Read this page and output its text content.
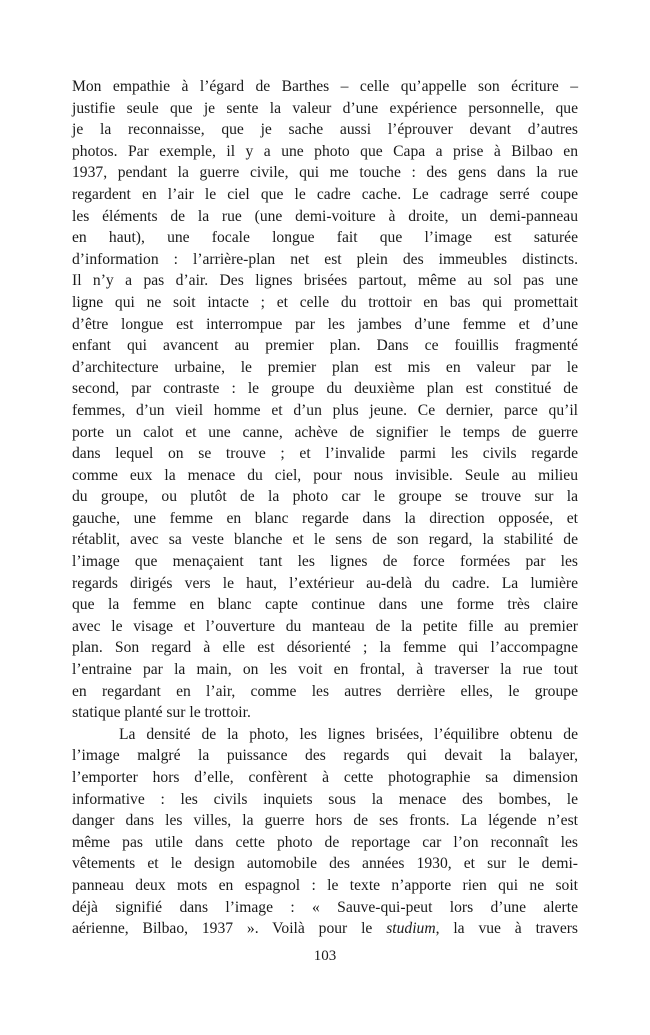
Mon empathie à l’égard de Barthes – celle qu’appelle son écriture –
justifie seule que je sente la valeur d’une expérience personnelle, que
je la reconnaisse, que je sache aussi l’éprouver devant d’autres
photos. Par exemple, il y a une photo que Capa a prise à Bilbao en
1937, pendant la guerre civile, qui me touche : des gens dans la rue
regardent en l’air le ciel que le cadre cache. Le cadrage serré coupe
les éléments de la rue (une demi-voiture à droite, un demi-panneau
en haut), une focale longue fait que l’image est saturée
d’information : l’arrière-plan net est plein des immeubles distincts.
Il n’y a pas d’air. Des lignes brisées partout, même au sol pas une
ligne qui ne soit intacte ; et celle du trottoir en bas qui promettait
d’être longue est interrompue par les jambes d’une femme et d’une
enfant qui avancent au premier plan. Dans ce fouillis fragmenté
d’architecture urbaine, le premier plan est mis en valeur par le
second, par contraste : le groupe du deuxième plan est constitué de
femmes, d’un vieil homme et d’un plus jeune. Ce dernier, parce qu’il
porte un calot et une canne, achève de signifier le temps de guerre
dans lequel on se trouve ; et l’invalide parmi les civils regarde
comme eux la menace du ciel, pour nous invisible. Seule au milieu
du groupe, ou plutôt de la photo car le groupe se trouve sur la
gauche, une femme en blanc regarde dans la direction opposée, et
rétablit, avec sa veste blanche et le sens de son regard, la stabilité de
l’image que menaçaient tant les lignes de force formées par les
regards dirigés vers le haut, l’extérieur au-delà du cadre. La lumière
que la femme en blanc capte continue dans une forme très claire
avec le visage et l’ouverture du manteau de la petite fille au premier
plan. Son regard à elle est désorienté ; la femme qui l’accompagne
l’entraine par la main, on les voit en frontal, à traverser la rue tout
en regardant en l’air, comme les autres derrière elles, le groupe
statique planté sur le trottoir.

La densité de la photo, les lignes brisées, l’équilibre obtenu de
l’image malgré la puissance des regards qui devait la balayer,
l’emporter hors d’elle, confèrent à cette photographie sa dimension
informative : les civils inquiets sous la menace des bombes, le
danger dans les villes, la guerre hors de ses fronts. La légende n’est
même pas utile dans cette photo de reportage car l’on reconnaît les
vêtements et le design automobile des années 1930, et sur le demi-
panneau deux mots en espagnol : le texte n’apporte rien qui ne soit
déjà signifié dans l’image : « Sauve-qui-peut lors d’une alerte
aérienne, Bilbao, 1937 ». Voilà pour le studium, la vue à travers

103
